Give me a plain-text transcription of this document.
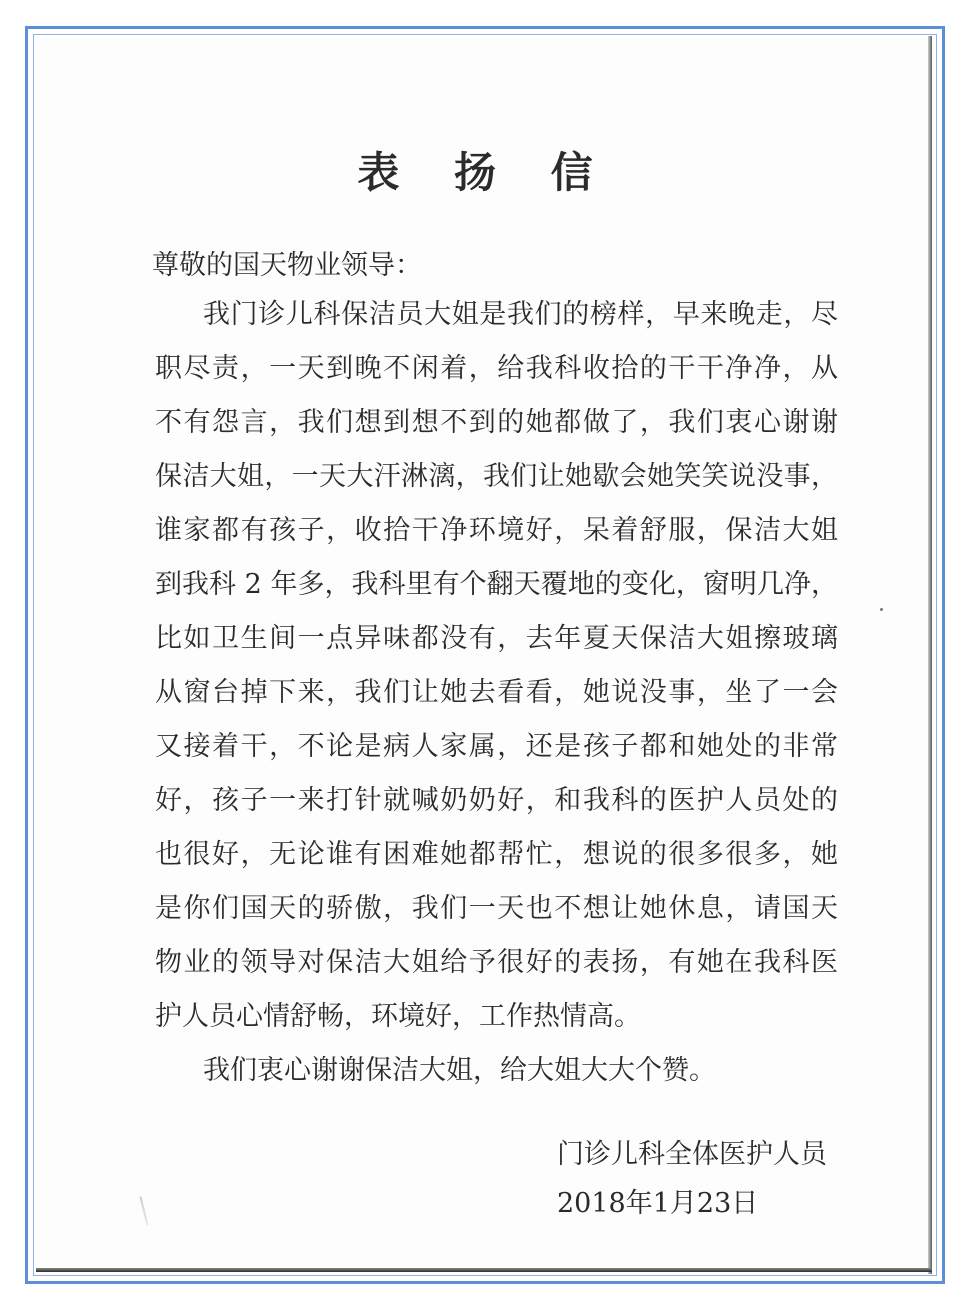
表 扬 信
尊敬的国天物业领导：
我门诊儿科保洁员大姐是我们的榜样，早来晚走，尽
职尽责，一天到晚不闲着，给我科收拾的干干净净，从
不有怨言，我们想到想不到的她都做了，我们衷心谢谢
保洁大姐，一天大汗淋漓，我们让她歇会她笑笑说没事，
谁家都有孩子，收拾干净环境好，呆着舒服，保洁大姐
到我科 2 年多，我科里有个翻天覆地的变化，窗明几净，
比如卫生间一点异味都没有，去年夏天保洁大姐擦玻璃
从窗台掉下来，我们让她去看看，她说没事，坐了一会
又接着干，不论是病人家属，还是孩子都和她处的非常
好，孩子一来打针就喊奶奶好，和我科的医护人员处的
也很好，无论谁有困难她都帮忙，想说的很多很多，她
是你们国天的骄傲，我们一天也不想让她休息，请国天
物业的领导对保洁大姐给予很好的表扬，有她在我科医
护人员心情舒畅，环境好，工作热情高。
我们衷心谢谢保洁大姐，给大姐大大个赞。
门诊儿科全体医护人员
2018年1月23日
